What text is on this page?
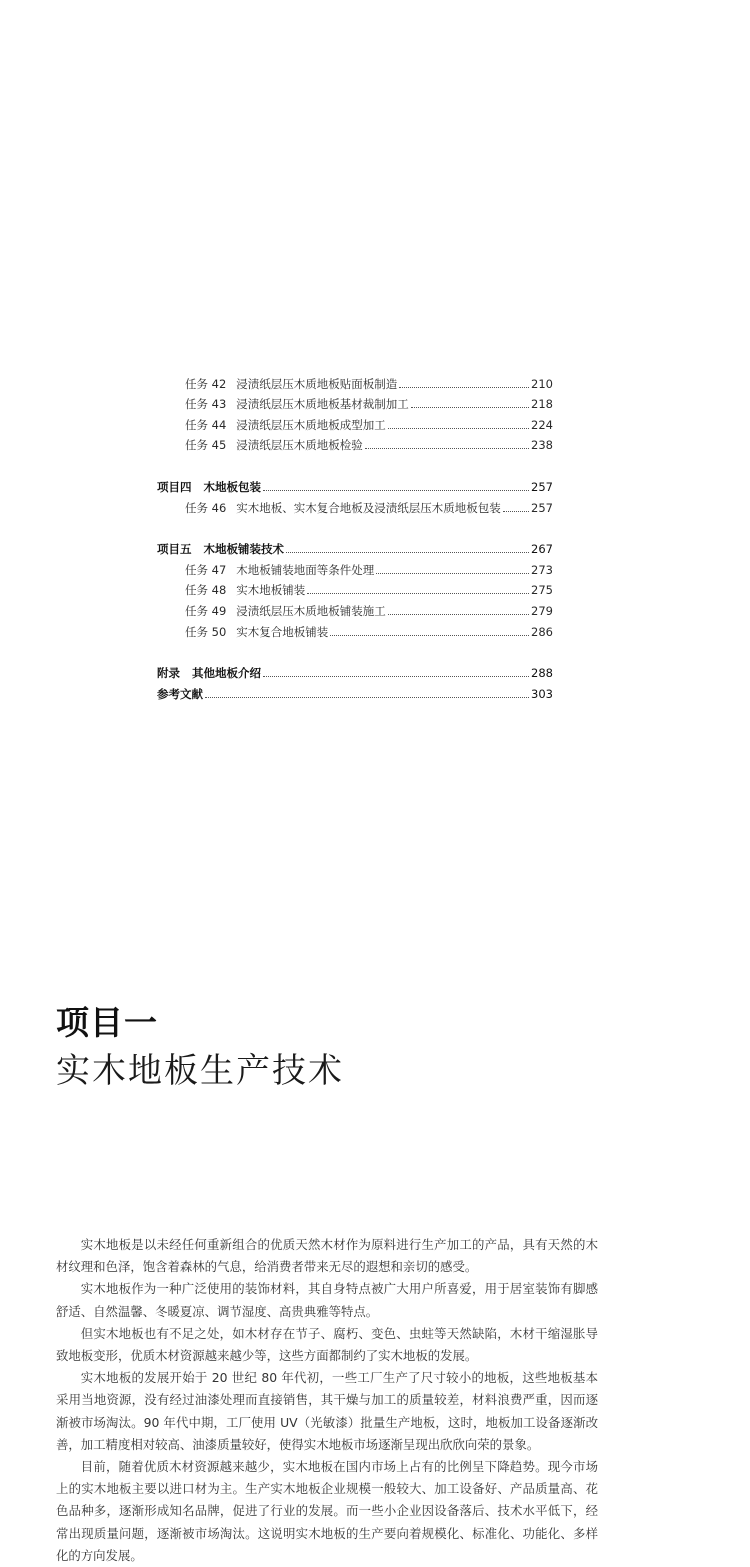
任务 42 浸渍纸层压木质地板贴面板制造	210
任务 43 浸渍纸层压木质地板基材裁制加工	218
任务 44 浸渍纸层压木质地板成型加工	224
任务 45 浸渍纸层压木质地板检验	238
项目四 木地板包装	257
任务 46 实木地板、实木复合地板及浸渍纸层压木质地板包装	257
项目五 木地板铺装技术	267
任务 47 木地板铺装地面等条件处理	273
任务 48 实木地板铺装	275
任务 49 浸渍纸层压木质地板铺装施工	279
任务 50 实木复合地板铺装	286
附录 其他地板介绍	288
参考文献	303
项目一
实木地板生产技术

实木地板是以未经任何重新组合的优质天然木材作为原料进行生产加工的产品，具有天然的木材纹理和色泽，饱含着森林的气息，给消费者带来无尽的遐想和亲切的感受。

实木地板作为一种广泛使用的装饰材料，其自身特点被广大用户所喜爱，用于居室装饰有脚感舒适、自然温馨、冬暖夏凉、调节湿度、高贵典雅等特点。

但实木地板也有不足之处，如木材存在节子、腐朽、变色、虫蛀等天然缺陷，木材干缩湿胀导致地板变形，优质木材资源越来越少等，这些方面都制约了实木地板的发展。

实木地板的发展开始于 20 世纪 80 年代初，一些工厂生产了尺寸较小的地板，这些地板基本采用当地资源，没有经过油漆处理而直接销售，其干燥与加工的质量较差，材料浪费严重，因而逐渐被市场淘汰。90 年代中期，工厂使用 UV（光敏漆）批量生产地板，这时，地板加工设备逐渐改善，加工精度相对较高、油漆质量较好，使得实木地板市场逐渐呈现出欣欣向荣的景象。

目前，随着优质木材资源越来越少，实木地板在国内市场上占有的比例呈下降趋势。现今市场上的实木地板主要以进口材为主。生产实木地板企业规模一般较大、加工设备好、产品质量高、花色品种多，逐渐形成知名品牌，促进了行业的发展。而一些小企业因设备落后、技术水平低下，经常出现质量问题，逐渐被市场淘汰。这说明实木地板的生产要向着规模化、标准化、功能化、多样化的方向发展。
